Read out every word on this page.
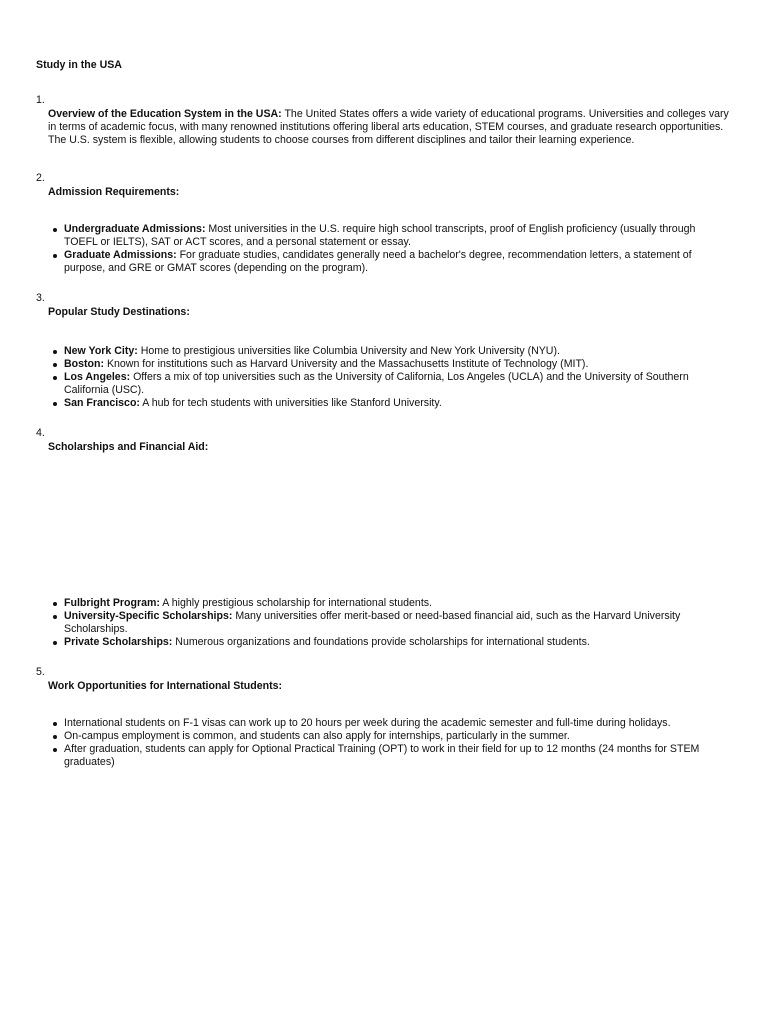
Study in the USA
1.
Overview of the Education System in the USA: The United States offers a wide variety of educational programs. Universities and colleges vary in terms of academic focus, with many renowned institutions offering liberal arts education, STEM courses, and graduate research opportunities. The U.S. system is flexible, allowing students to choose courses from different disciplines and tailor their learning experience.
2.
Admission Requirements:
Undergraduate Admissions: Most universities in the U.S. require high school transcripts, proof of English proficiency (usually through TOEFL or IELTS), SAT or ACT scores, and a personal statement or essay.
Graduate Admissions: For graduate studies, candidates generally need a bachelor's degree, recommendation letters, a statement of purpose, and GRE or GMAT scores (depending on the program).
3.
Popular Study Destinations:
New York City: Home to prestigious universities like Columbia University and New York University (NYU).
Boston: Known for institutions such as Harvard University and the Massachusetts Institute of Technology (MIT).
Los Angeles: Offers a mix of top universities such as the University of California, Los Angeles (UCLA) and the University of Southern California (USC).
San Francisco: A hub for tech students with universities like Stanford University.
4.
Scholarships and Financial Aid:
Fulbright Program: A highly prestigious scholarship for international students.
University-Specific Scholarships: Many universities offer merit-based or need-based financial aid, such as the Harvard University Scholarships.
Private Scholarships: Numerous organizations and foundations provide scholarships for international students.
5.
Work Opportunities for International Students:
International students on F-1 visas can work up to 20 hours per week during the academic semester and full-time during holidays.
On-campus employment is common, and students can also apply for internships, particularly in the summer.
After graduation, students can apply for Optional Practical Training (OPT) to work in their field for up to 12 months (24 months for STEM graduates)
